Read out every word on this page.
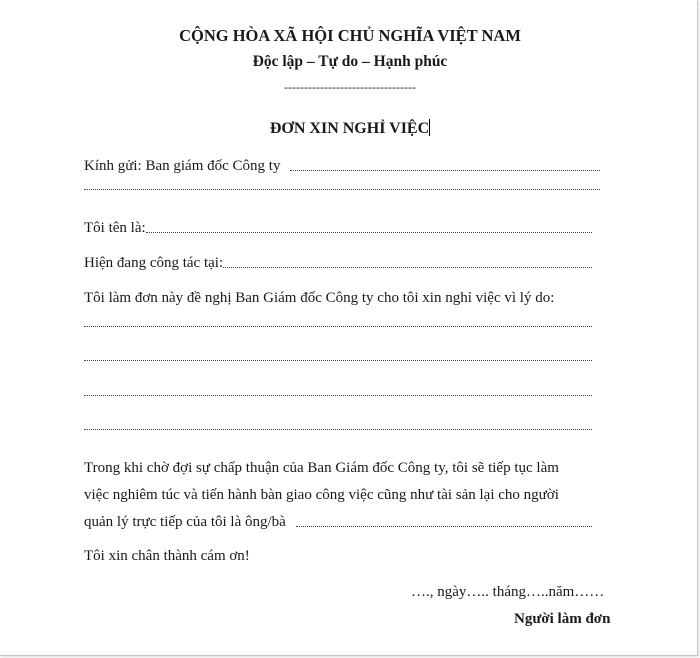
CỘNG HÒA XÃ HỘI CHỦ NGHĨA VIỆT NAM
Độc lập – Tự do – Hạnh phúc
---------------------------------
ĐƠN XIN NGHỈ VIỆC
Kính gửi: Ban giám đốc Công ty
Tôi tên là:
Hiện đang công tác tại:
Tôi làm đơn này đề nghị Ban Giám đốc Công ty cho tôi xin nghỉ việc vì lý do:
Trong khi chờ đợi sự chấp thuận của Ban Giám đốc Công ty, tôi sẽ tiếp tục làm
việc nghiêm túc và tiến hành bàn giao công việc cũng như tài sản lại cho người
quản lý trực tiếp của tôi là ông/bà
Tôi xin chân thành cám ơn!
…., ngày….. tháng…..năm……
Người làm đơn
